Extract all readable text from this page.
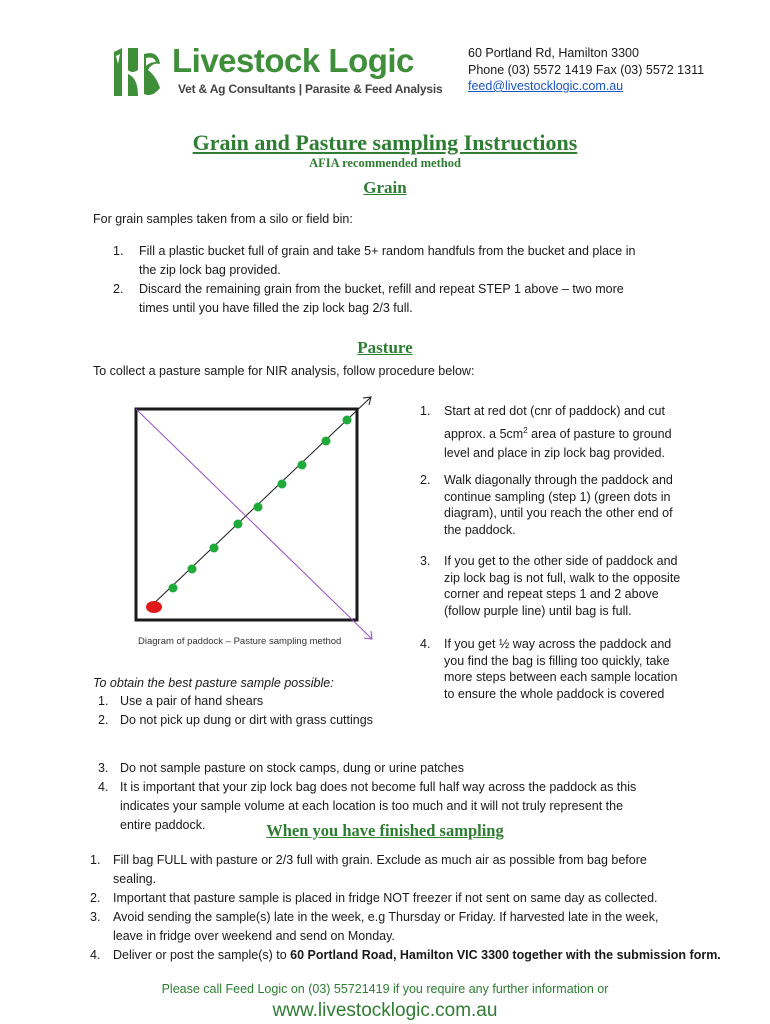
Livestock Logic
Vet & Ag Consultants | Parasite & Feed Analysis
60 Portland Rd, Hamilton 3300
Phone (03) 5572 1419 Fax (03) 5572 1311
feed@livestocklogic.com.au
Grain and Pasture sampling Instructions
AFIA recommended method
Grain

For grain samples taken from a silo or field bin:

1. Fill a plastic bucket full of grain and take 5+ random handfuls from the bucket and place in
the zip lock bag provided.
2. Discard the remaining grain from the bucket, refill and repeat STEP 1 above – two more
times until you have filled the zip lock bag 2/3 full.
Pasture

To collect a pasture sample for NIR analysis, follow procedure below:

Diagram of paddock – Pasture sampling method
1. Start at red dot (cnr of paddock) and cut
approx. a $5cm^2$ area of pasture to ground
level and place in zip lock bag provided.
2. Walk diagonally through the paddock and
continue sampling (step 1) (green dots in
diagram), until you reach the other end of
the paddock.
3. If you get to the other side of paddock and
zip lock bag is not full, walk to the opposite
corner and repeat steps 1 and 2 above
(follow purple line) until bag is full.
4. If you get ½ way across the paddock and
you find the bag is filling too quickly, take
more steps between each sample location
to ensure the whole paddock is covered
To obtain the best pasture sample possible:
1. Use a pair of hand shears
2. Do not pick up dung or dirt with grass cuttings
3. Do not sample pasture on stock camps, dung or urine patches
4. It is important that your zip lock bag does not become full half way across the paddock as this
indicates your sample volume at each location is too much and it will not truly represent the
entire paddock.	When you have finished sampling
1. Fill bag FULL with pasture or 2/3 full with grain. Exclude as much air as possible from bag before
sealing.
2. Important that pasture sample is placed in fridge NOT freezer if not sent on same day as collected.
3. Avoid sending the sample(s) late in the week, e.g Thursday or Friday. If harvested late in the week,
leave in fridge over weekend and send on Monday.
4. Deliver or post the sample(s) to 60 Portland Road, Hamilton VIC 3300 together with the submission form.
Please call Feed Logic on (03) 55721419 if you require any further information or
www.livestocklogic.com.au
